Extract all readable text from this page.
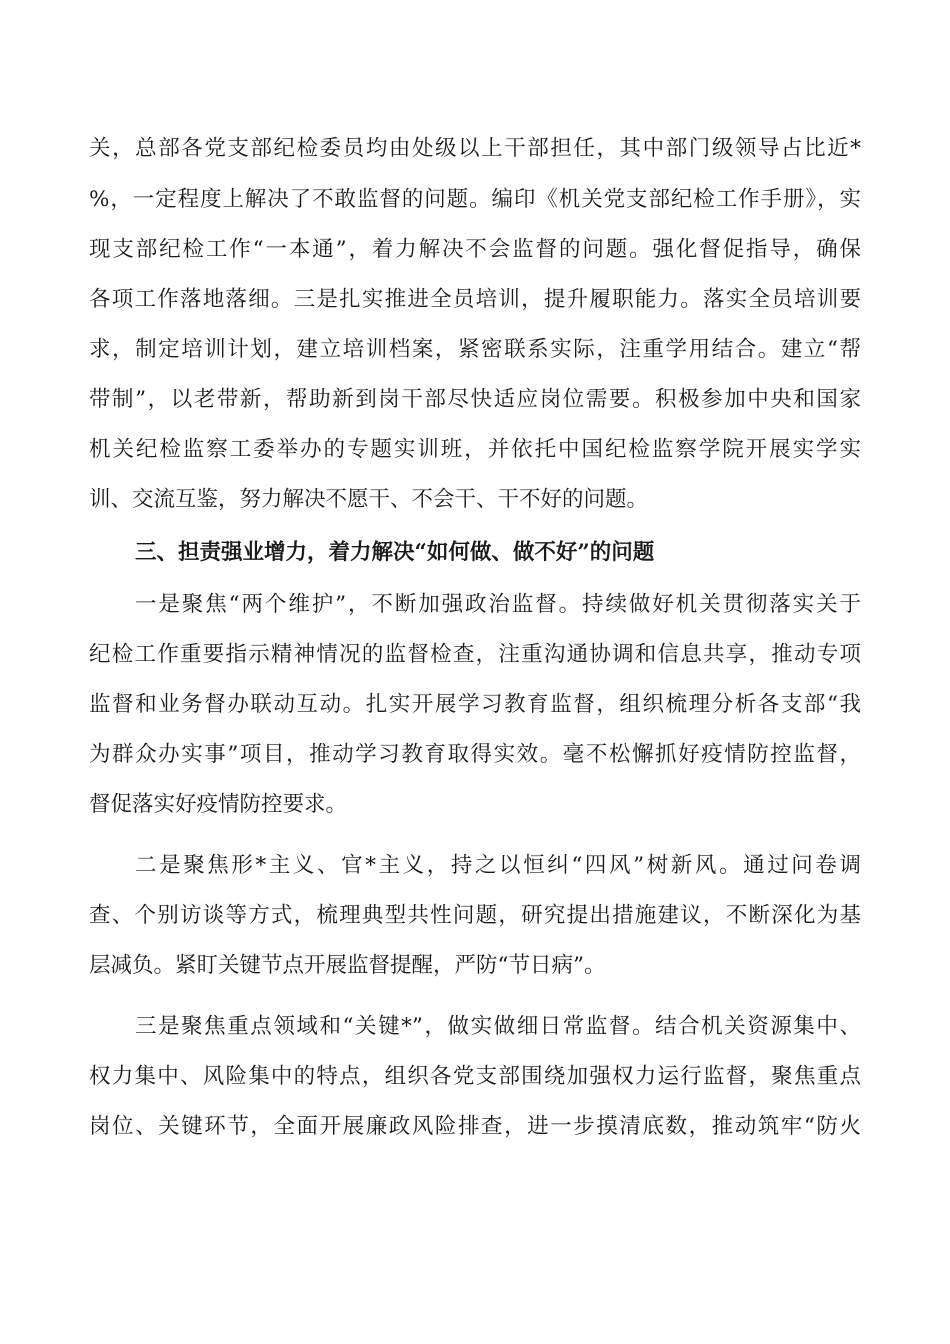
关，总部各党支部纪检委员均由处级以上干部担任，其中部门级领导占比近*
%，一定程度上解决了不敢监督的问题。编印《机关党支部纪检工作手册》，实
现支部纪检工作“一本通”，着力解决不会监督的问题。强化督促指导，确保
各项工作落地落细。三是扎实推进全员培训，提升履职能力。落实全员培训要
求，制定培训计划，建立培训档案，紧密联系实际，注重学用结合。建立“帮
带制”，以老带新，帮助新到岗干部尽快适应岗位需要。积极参加中央和国家
机关纪检监察工委举办的专题实训班，并依托中国纪检监察学院开展实学实
训、交流互鉴，努力解决不愿干、不会干、干不好的问题。
三、担责强业增力，着力解决“如何做、做不好”的问题
一是聚焦“两个维护”，不断加强政治监督。持续做好机关贯彻落实关于
纪检工作重要指示精神情况的监督检查，注重沟通协调和信息共享，推动专项
监督和业务督办联动互动。扎实开展学习教育监督，组织梳理分析各支部“我
为群众办实事”项目，推动学习教育取得实效。毫不松懈抓好疫情防控监督，
督促落实好疫情防控要求。
二是聚焦形*主义、官*主义，持之以恒纠“四风”树新风。通过问卷调
查、个别访谈等方式，梳理典型共性问题，研究提出措施建议，不断深化为基
层减负。紧盯关键节点开展监督提醒，严防“节日病”。
三是聚焦重点领域和“关键*”，做实做细日常监督。结合机关资源集中、
权力集中、风险集中的特点，组织各党支部围绕加强权力运行监督，聚焦重点
岗位、关键环节，全面开展廉政风险排查，进一步摸清底数，推动筑牢“防火
